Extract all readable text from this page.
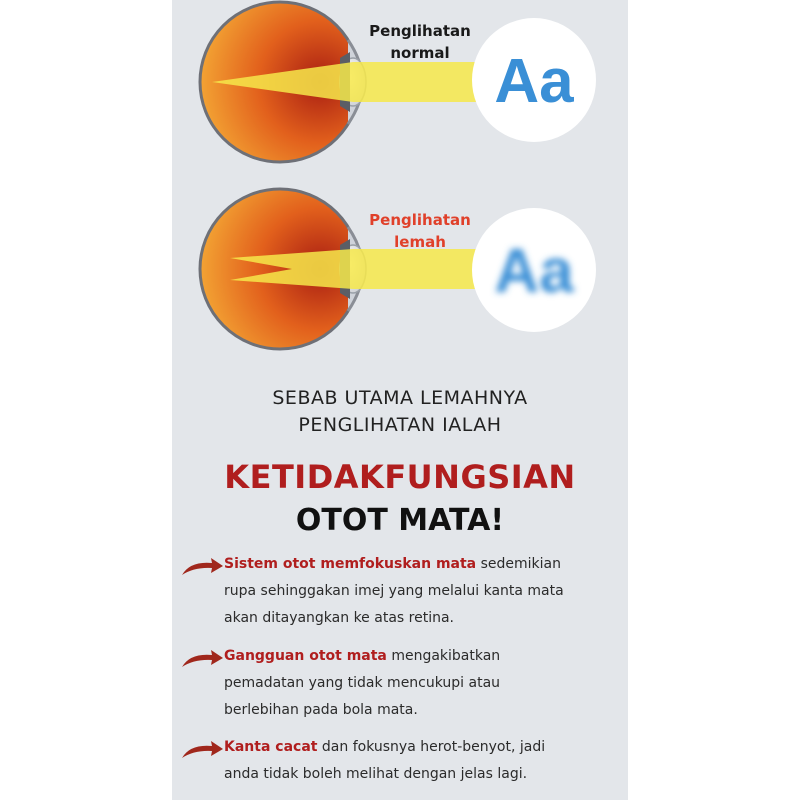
Aa
Penglihatan
normal
Aa
Penglihatan
lemah
SEBAB UTAMA LEMAHNYA
PENGLIHATAN IALAH
KETIDAKFUNGSIAN
OTOT MATA!
Sistem otot memfokuskan mata sedemikian
rupa sehinggakan imej yang melalui kanta mata
akan ditayangkan ke atas retina.
Gangguan otot mata mengakibatkan
pemadatan yang tidak mencukupi atau
berlebihan pada bola mata.
Kanta cacat dan fokusnya herot-benyot, jadi
anda tidak boleh melihat dengan jelas lagi.
